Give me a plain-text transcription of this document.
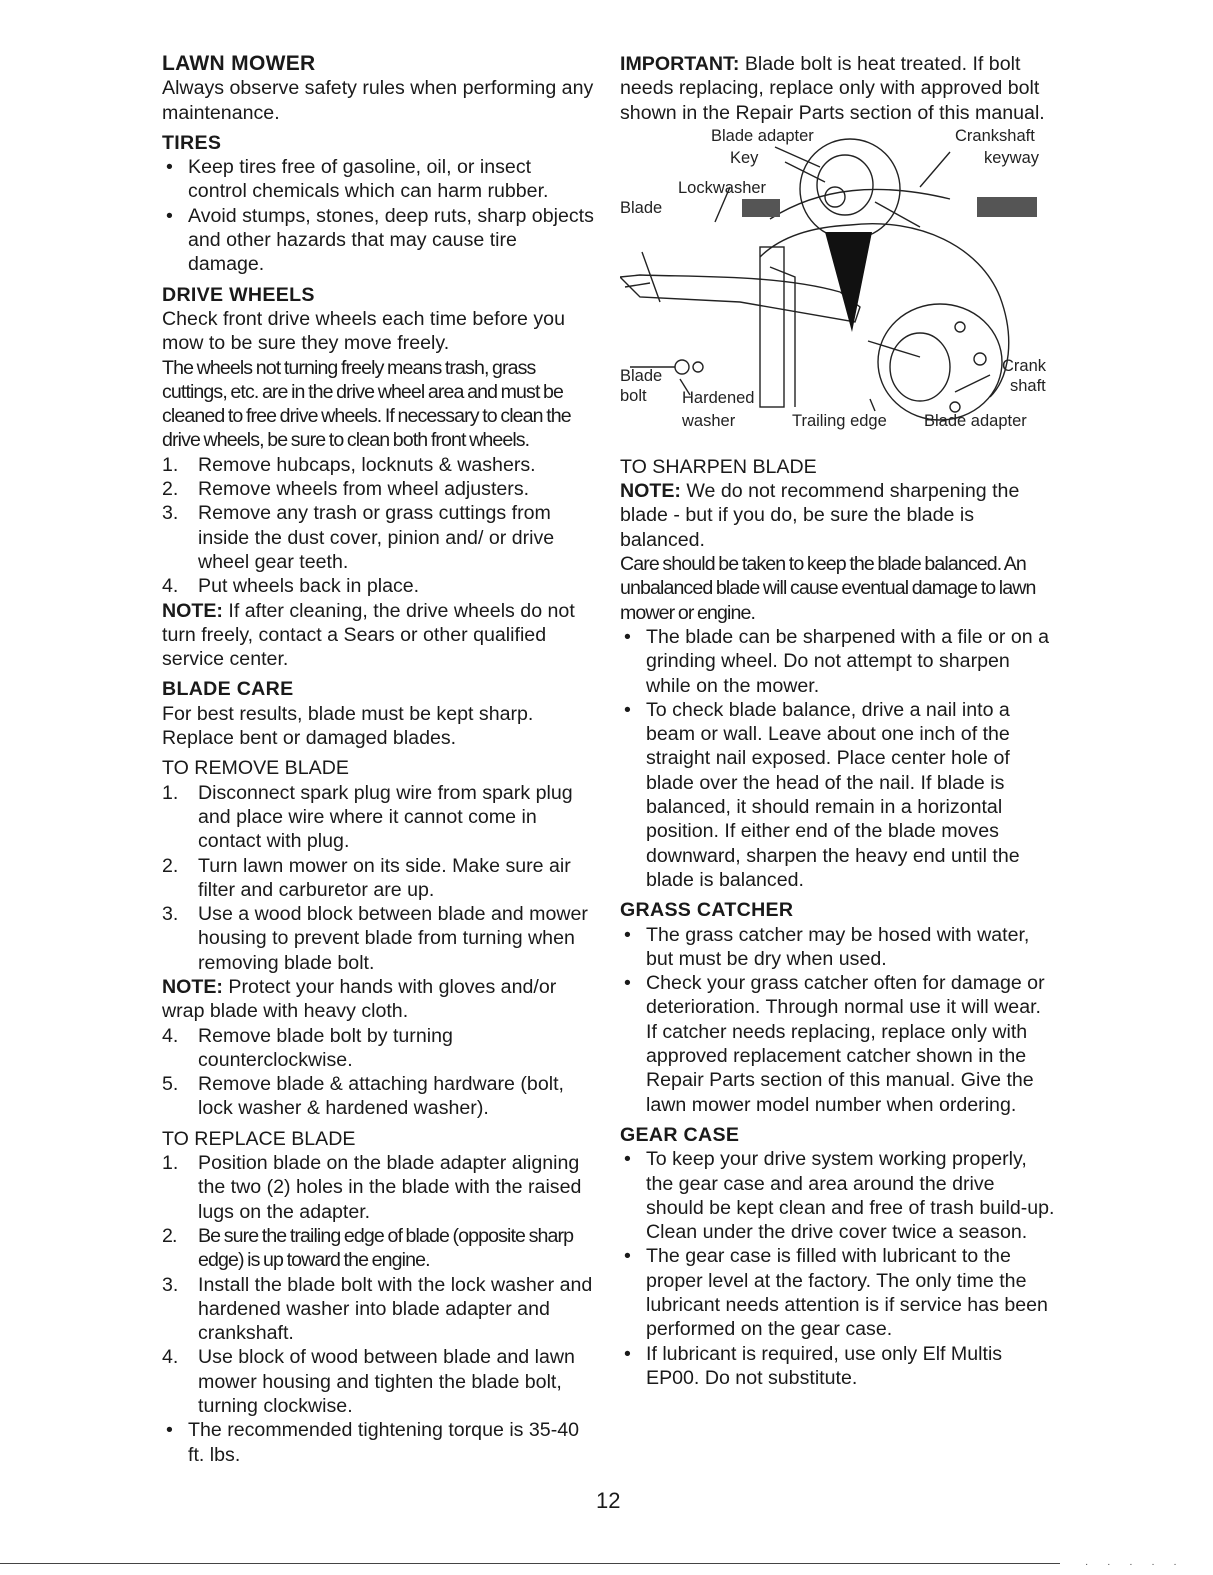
LAWN MOWER

Always observe safety rules when performing any maintenance.

TIRES
• Keep tires free of gasoline, oil, or insect control chemicals which can harm rubber.
• Avoid stumps, stones, deep ruts, sharp objects and other hazards that may cause tire damage.
DRIVE WHEELS

Check front drive wheels each time before you mow to be sure they move freely.

The wheels not turning freely means trash, grass cuttings, etc. are in the drive wheel area and must be cleaned to free drive wheels. If necessary to clean the drive wheels, be sure to clean both front wheels.

1.	Remove hubcaps, locknuts & washers.
2.	Remove wheels from wheel adjusters.
3.	Remove any trash or grass cuttings from inside the dust cover, pinion and/ or drive wheel gear teeth.
4.	Put wheels back in place.

NOTE: If after cleaning, the drive wheels do not turn freely, contact a Sears or other qualified service center.

BLADE CARE

For best results, blade must be kept sharp. Replace bent or damaged blades.

TO REMOVE BLADE

1.	Disconnect spark plug wire from spark plug and place wire where it cannot come in contact with plug.
2.	Turn lawn mower on its side. Make sure air filter and carburetor are up.
3.	Use a wood block between blade and mower housing to prevent blade from turning when removing blade bolt.

NOTE: Protect your hands with gloves and/or wrap blade with heavy cloth.

4.	Remove blade bolt by turning counterclockwise.
5.	Remove blade & attaching hardware (bolt, lock washer & hardened washer).

TO REPLACE BLADE

1.	Position blade on the blade adapter aligning the two (2) holes in the blade with the raised lugs on the adapter.
2.	Be sure the trailing edge of blade (opposite sharp edge) is up toward the engine.
3.	Install the blade bolt with the lock washer and hardened washer into blade adapter and crankshaft.
4.	Use block of wood between blade and lawn mower housing and tighten the blade bolt, turning clockwise.
• The recommended tightening torque is 35-40 ft. lbs.

IMPORTANT: Blade bolt is heat treated. If bolt needs replacing, replace only with approved bolt shown in the Repair Parts section of this manual.

Blade adapter
Key
Lockwasher
Blade
Crankshaft
keyway
Crank
shaft
Blade
bolt Hardened
washer	Trailing edge Blade adapter

TO SHARPEN BLADE

NOTE: We do not recommend sharpening the blade - but if you do, be sure the blade is balanced.

Care should be taken to keep the blade balanced. An unbalanced blade will cause eventual damage to lawn mower or engine.

• The blade can be sharpened with a file or on a grinding wheel. Do not attempt to sharpen while on the mower.
• To check blade balance, drive a nail into a beam or wall. Leave about one inch of the straight nail exposed. Place center hole of blade over the head of the nail. If blade is balanced, it should remain in a horizontal position. If either end of the blade moves downward, sharpen the heavy end until the blade is balanced.
GRASS CATCHER
• The grass catcher may be hosed with water, but must be dry when used.
• Check your grass catcher often for damage or deterioration. Through normal use it will wear. If catcher needs replacing, replace only with approved replacement catcher shown in the Repair Parts section of this manual. Give the lawn mower model number when ordering.
GEAR CASE
• To keep your drive system working properly, the gear case and area around the drive should be kept clean and free of trash build-up. Clean under the drive cover twice a season.
• The gear case is filled with lubricant to the proper level at the factory. The only time the lubricant needs attention is if service has been performed on the gear case.
• If lubricant is required, use only Elf Multis EP00. Do not substitute.
12
· · · · ·
